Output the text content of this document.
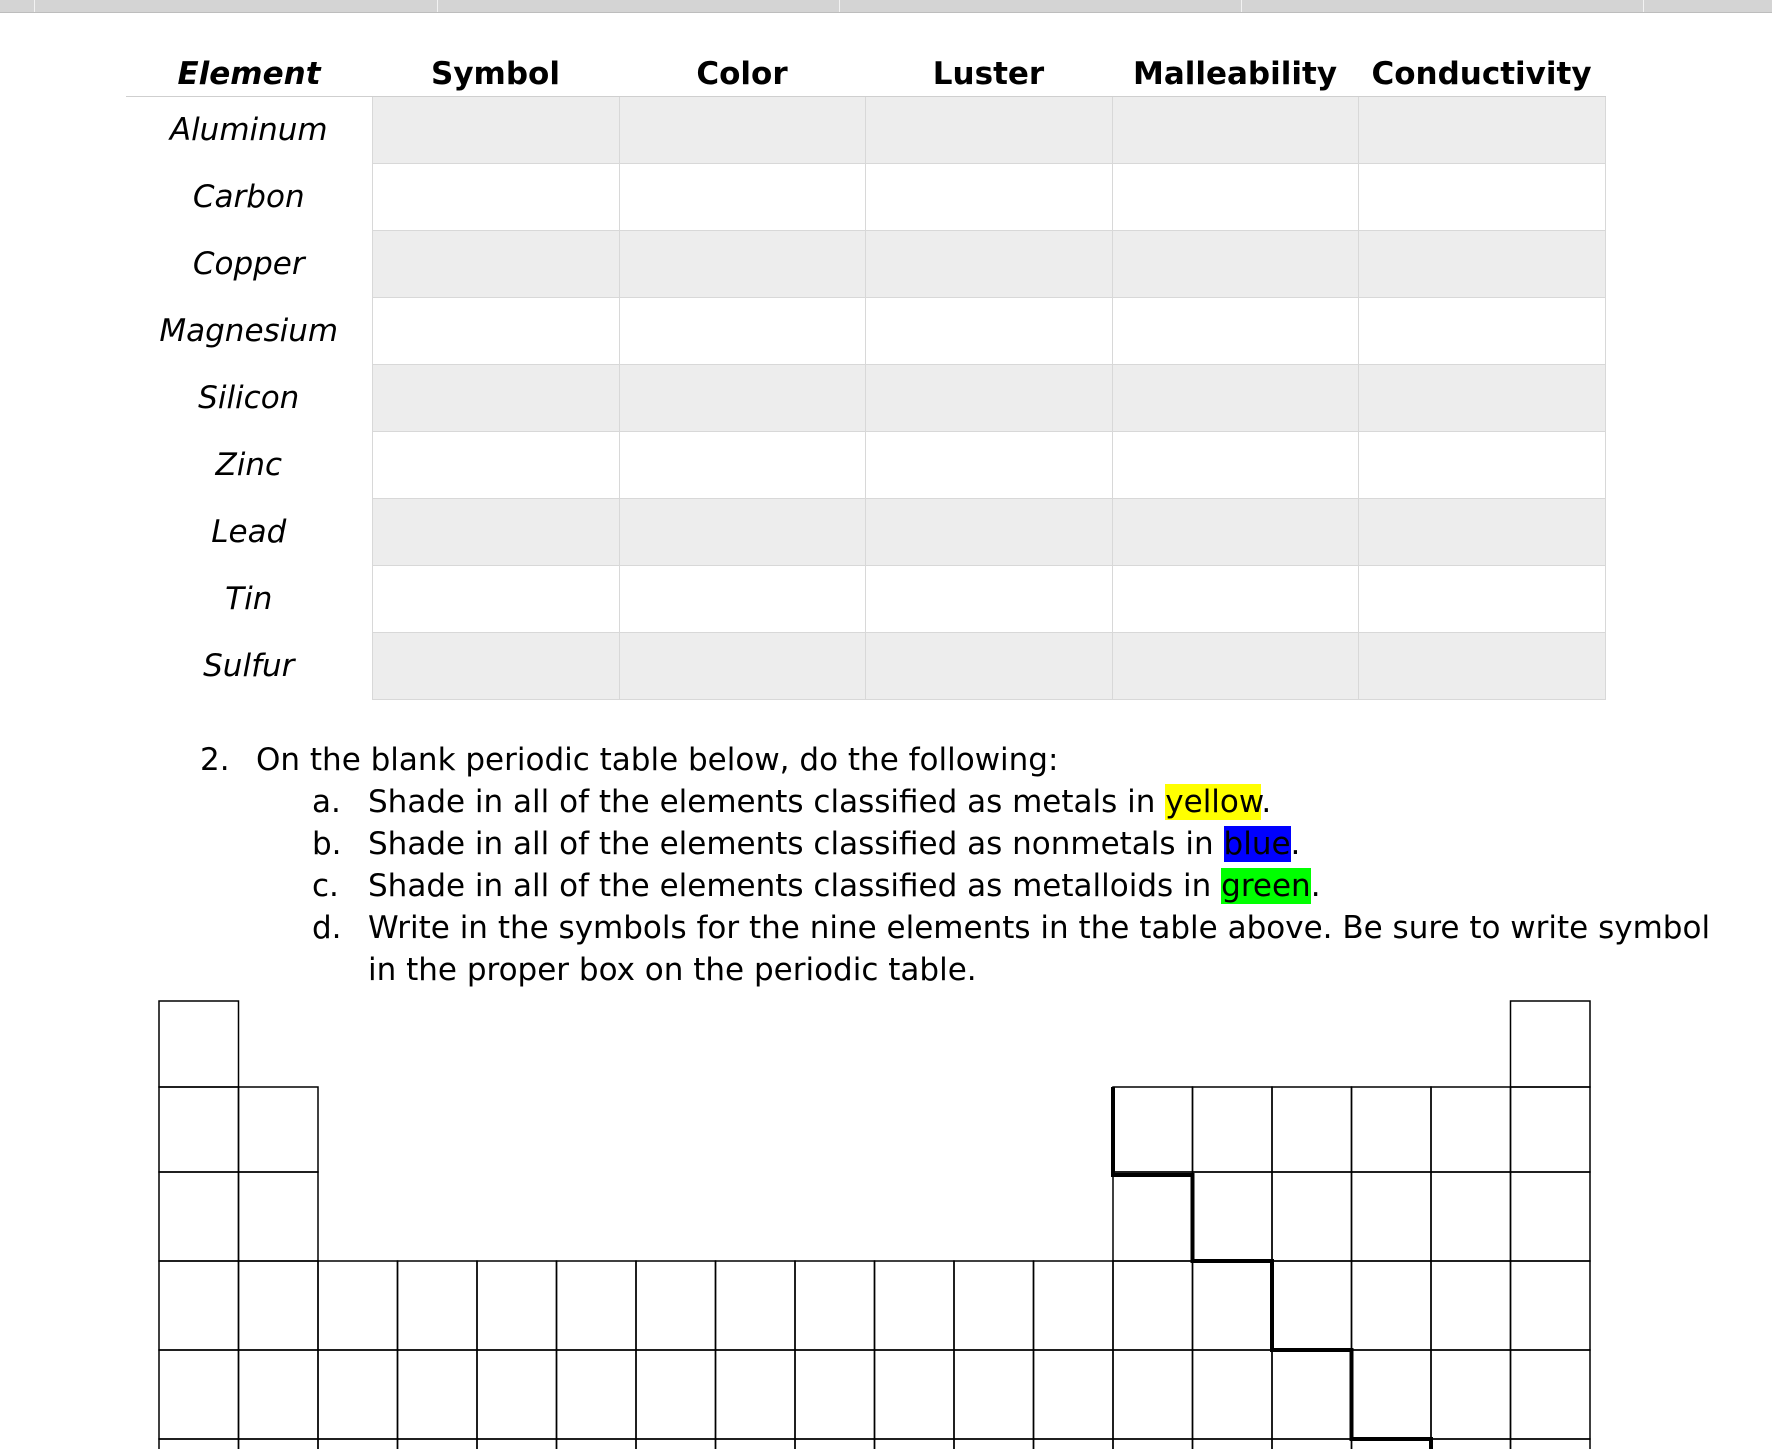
Element	Symbol	Color	Luster	Malleability	Conductivity
Aluminum					
Carbon					
Copper					
Magnesium					
Silicon					
Zinc					
Lead					
Tin					
Sulfur					
2. On the blank periodic table below, do the following:
a. Shade in all of the elements classified as metals in yellow.
b. Shade in all of the elements classified as nonmetals in blue.
c. Shade in all of the elements classified as metalloids in green.
d. Write in the symbols for the nine elements in the table above. Be sure to write symbol
in the proper box on the periodic table.
